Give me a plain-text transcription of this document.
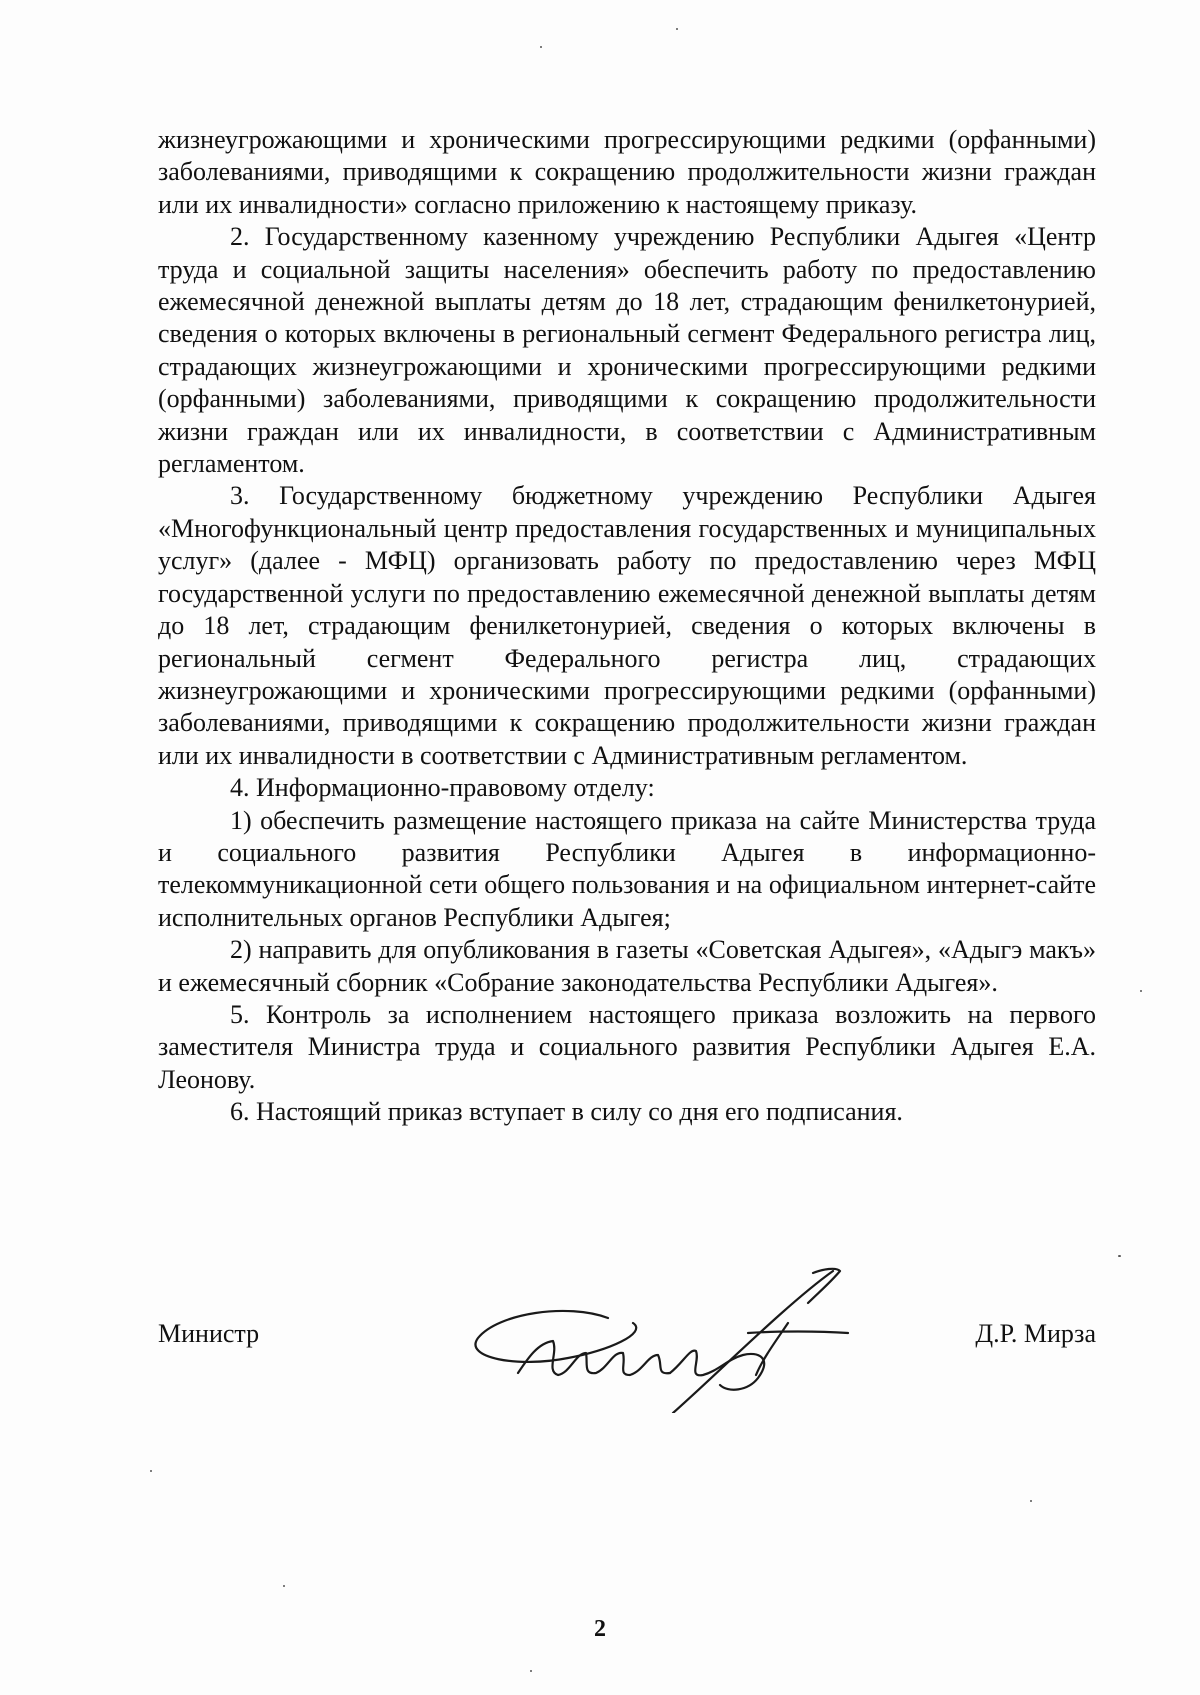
жизнеугрожающими и хроническими прогрессирующими редкими (орфанными) заболеваниями, приводящими к сокращению продолжительности жизни граждан или их инвалидности» согласно приложению к настоящему приказу.

2. Государственному казенному учреждению Республики Адыгея «Центр труда и социальной защиты населения» обеспечить работу по предоставлению ежемесячной денежной выплаты детям до 18 лет, страдающим фенилкетонурией, сведения о которых включены в региональный сегмент Федерального регистра лиц, страдающих жизнеугрожающими и хроническими прогрессирующими редкими (орфанными) заболеваниями, приводящими к сокращению продолжительности жизни граждан или их инвалидности, в соответствии с Административным регламентом.

3. Государственному бюджетному учреждению Республики Адыгея «Многофункциональный центр предоставления государственных и муниципальных услуг» (далее - МФЦ) организовать работу по предоставлению через МФЦ государственной услуги по предоставлению ежемесячной денежной выплаты детям до 18 лет, страдающим фенилкетонурией, сведения о которых включены в региональный сегмент Федерального регистра лиц, страдающих жизнеугрожающими и хроническими прогрессирующими редкими (орфанными) заболеваниями, приводящими к сокращению продолжительности жизни граждан или их инвалидности в соответствии с Административным регламентом.

4. Информационно-правовому отделу:

1) обеспечить размещение настоящего приказа на сайте Министерства труда и социального развития Республики Адыгея в информационно-телекоммуникационной сети общего пользования и на официальном интернет-сайте исполнительных органов Республики Адыгея;

2) направить для опубликования в газеты «Советская Адыгея», «Адыгэ макъ» и ежемесячный сборник «Собрание законодательства Республики Адыгея».

5. Контроль за исполнением настоящего приказа возложить на первого заместителя Министра труда и социального развития Республики Адыгея Е.А. Леонову.

6. Настоящий приказ вступает в силу со дня его подписания.

Министр	Д.Р. Мирза
2
